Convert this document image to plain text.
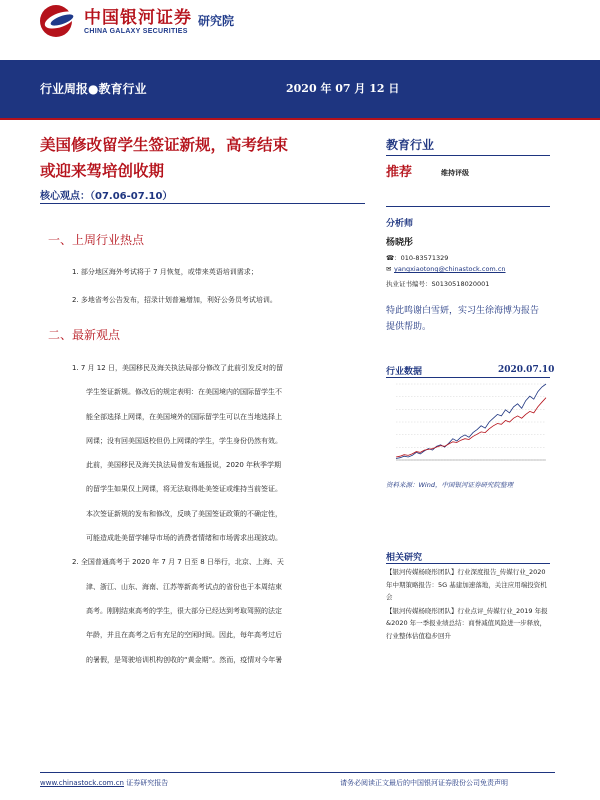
中国银河证券
CHINA GALAXY SECURITIES
研究院
行业周报●教育行业	2020 年 07 月 12 日
美国修改留学生签证新规，高考结束
或迎来驾培创收期
核心观点：（07.06-07.10）
一、上周行业热点
1. 部分地区海外考试将于 7 月恢复，或带来英语培训需求；
2. 多地省考公告发布，招录计划普遍增加，利好公务员考试培训。
二、最新观点
1. 7 月 12 日，美国移民及海关执法局部分修改了此前引发反对的留
学生签证新规。修改后的规定表明：在美国境内的国际留学生不
能全部选择上网课，在美国境外的国际留学生可以在当地选择上
网课；没有回美国返校但仍上网课的学生，学生身份仍然有效。
此前，美国移民及海关执法局曾发布通报说，2020 年秋季学期
的留学生如果仅上网课，将无法取得赴美签证或维持当前签证。
本次签证新规的发布和修改，反映了美国签证政策的不确定性，
可能造成赴美留学辅导市场的消费者情绪和市场需求出现波动。
2. 全国普通高考于 2020 年 7 月 7 日至 8 日举行，北京、上海、天
津、浙江、山东、海南、江苏等新高考试点的省份也于本周结束
高考。刚刚结束高考的学生，很大部分已经达到考取驾照的法定
年龄，并且在高考之后有充足的空闲时间。因此，每年高考过后
的暑假，是驾驶培训机构创收的“黄金期”。然而，疫情对今年暑
教育行业
推荐	维持评级
分析师
杨晓彤
☎：010-83571329
✉ yangxiaotong@chinastock.com.cn
执业证书编号：S0130518020001
特此鸣谢白雪妍，实习生徐海博为报告提供帮助。
行业数据	2020.07.10
资料来源：Wind，中国银河证券研究院整理
相关研究
【银河传媒杨晓彤团队】行业深度报告_传媒行业_2020 年中期策略报告：5G 基建加速落地，关注应用端投资机会
【银河传媒杨晓彤团队】行业点评_传媒行业_2019 年报&2020 年一季报业绩总结：商誉减值风险进一步释放，行业整体估值稳步回升
www.chinastock.com.cn 证券研究报告	请务必阅读正文最后的中国银河证券股份公司免责声明
